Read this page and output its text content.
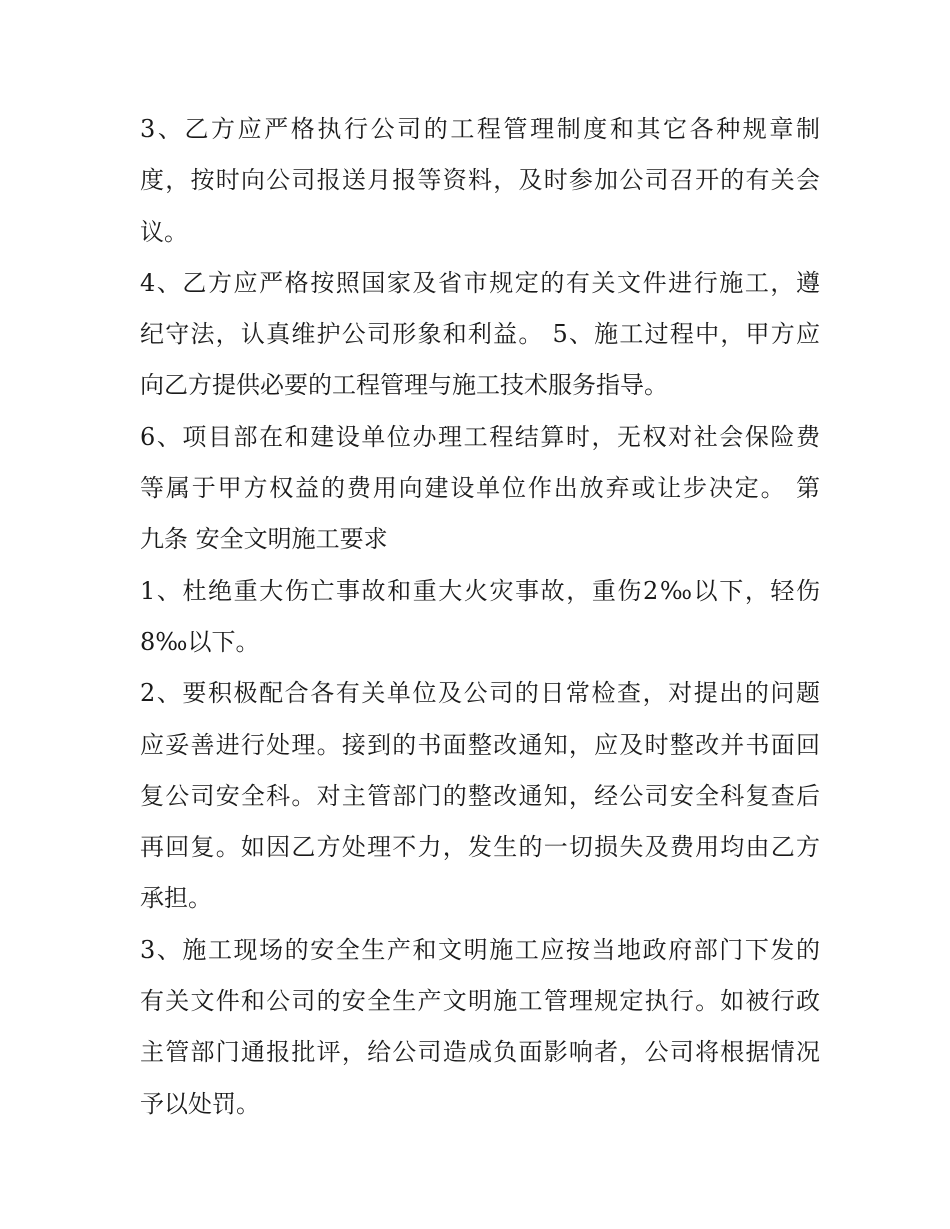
3、乙方应严格执行公司的工程管理制度和其它各种规章制
度，按时向公司报送月报等资料，及时参加公司召开的有关会
议。
4、乙方应严格按照国家及省市规定的有关文件进行施工，遵
纪守法，认真维护公司形象和利益。 5、施工过程中，甲方应
向乙方提供必要的工程管理与施工技术服务指导。
6、项目部在和建设单位办理工程结算时，无权对社会保险费
等属于甲方权益的费用向建设单位作出放弃或让步决定。 第
九条 安全文明施工要求
1、杜绝重大伤亡事故和重大火灾事故，重伤2‰以下，轻伤
8‰以下。
2、要积极配合各有关单位及公司的日常检查，对提出的问题
应妥善进行处理。接到的书面整改通知，应及时整改并书面回
复公司安全科。对主管部门的整改通知，经公司安全科复查后
再回复。如因乙方处理不力，发生的一切损失及费用均由乙方
承担。
3、施工现场的安全生产和文明施工应按当地政府部门下发的
有关文件和公司的安全生产文明施工管理规定执行。如被行政
主管部门通报批评，给公司造成负面影响者，公司将根据情况
予以处罚。
